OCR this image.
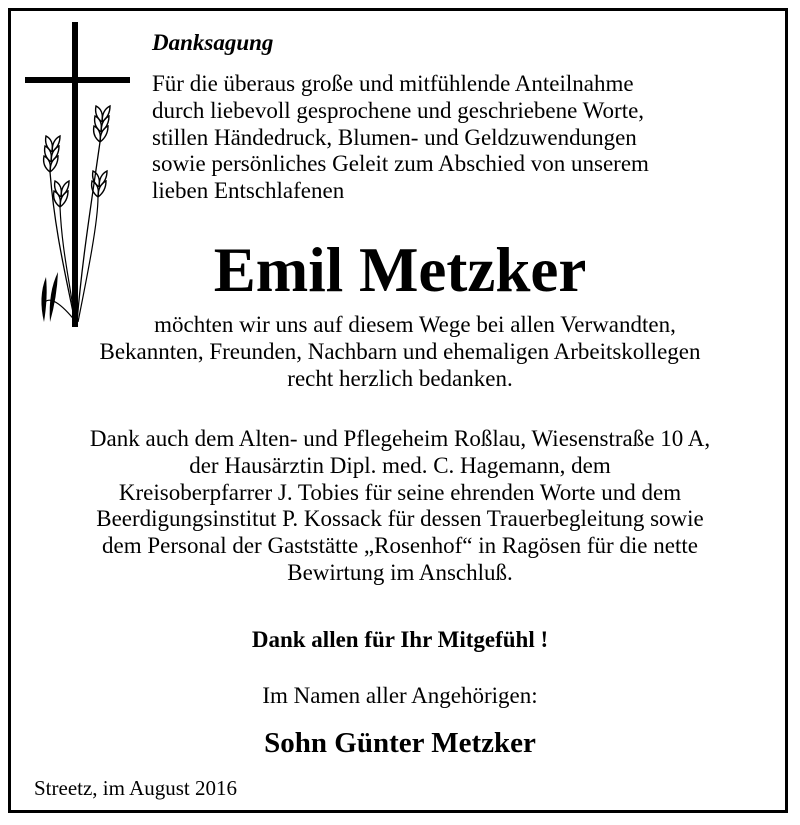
Danksagung
Für die überaus große und mitfühlende Anteilnahme
durch liebevoll gesprochene und geschriebene Worte,
stillen Händedruck, Blumen- und Geldzuwendungen
sowie persönliches Geleit zum Abschied von unserem
lieben Entschlafenen
Emil Metzker
möchten wir uns auf diesem Wege bei allen Verwandten,
Bekannten, Freunden, Nachbarn und ehemaligen Arbeitskollegen
recht herzlich bedanken.
Dank auch dem Alten- und Pflegeheim Roßlau, Wiesenstraße 10 A,
der Hausärztin Dipl. med. C. Hagemann, dem
Kreisoberpfarrer J. Tobies für seine ehrenden Worte und dem
Beerdigungsinstitut P. Kossack für dessen Trauerbegleitung sowie
dem Personal der Gaststätte „Rosenhof“ in Ragösen für die nette
Bewirtung im Anschluß.
Dank allen für Ihr Mitgefühl !
Im Namen aller Angehörigen:
Sohn Günter Metzker
Streetz, im August 2016
